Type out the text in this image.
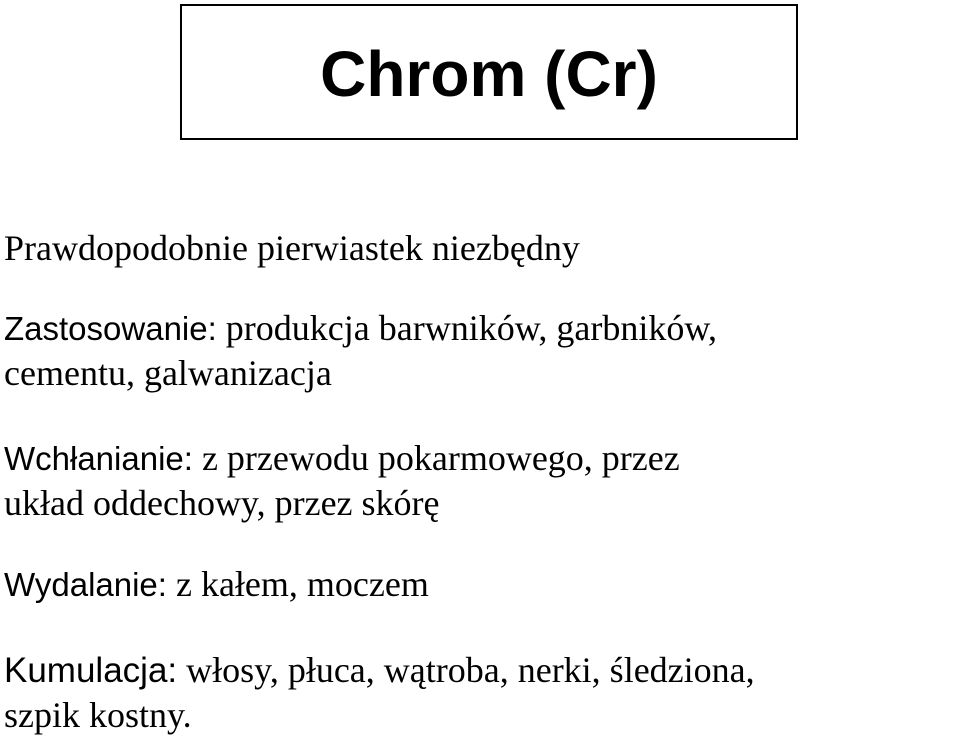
Chrom (Cr)

Prawdopodobnie pierwiastek niezbędny

Zastosowanie: produkcja barwników, garbników,
cementu, galwanizacja
Wchłanianie: z przewodu pokarmowego, przez
układ oddechowy, przez skórę
Wydalanie: z kałem, moczem
Kumulacja: włosy, płuca, wątroba, nerki, śledziona,
szpik kostny.
